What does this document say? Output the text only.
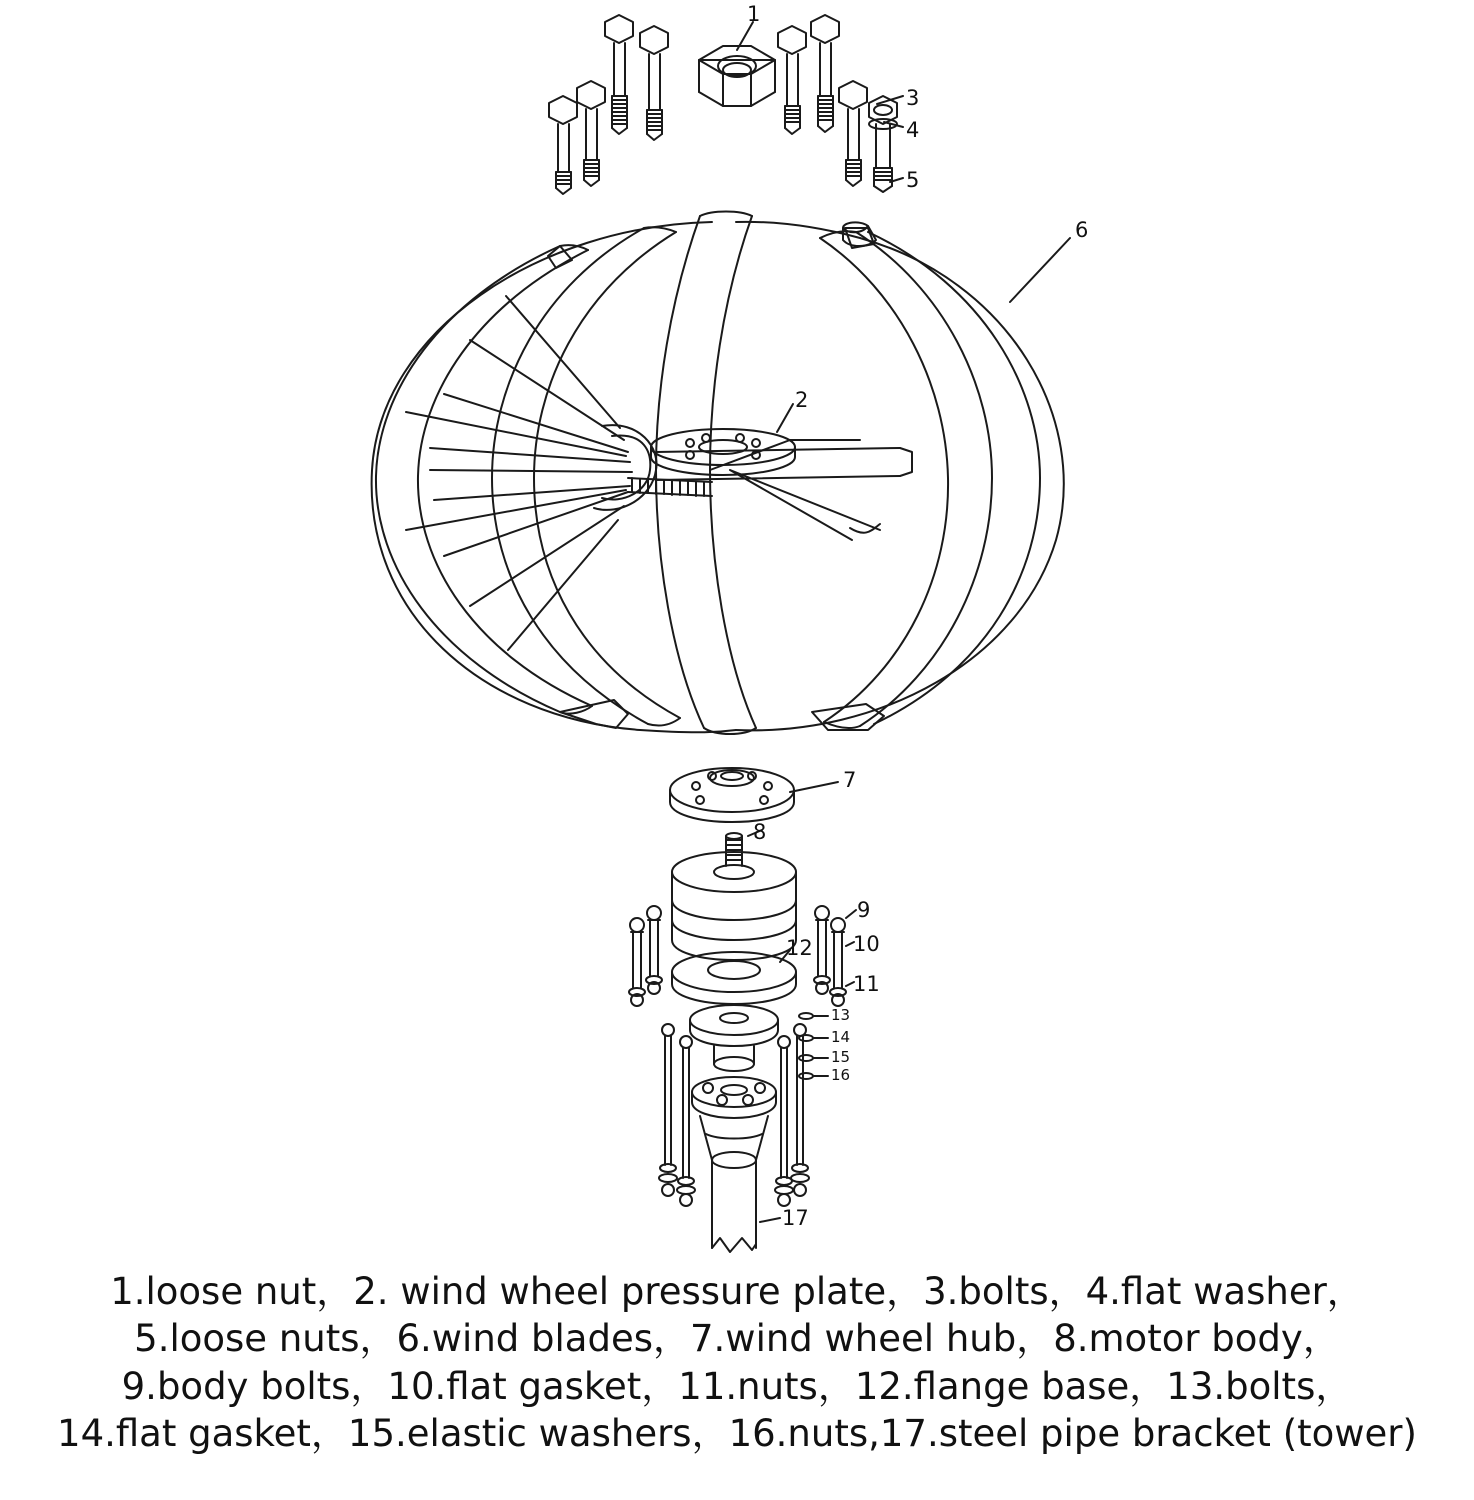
1
3
4
5
6
2
7
8
9
10
11
12
13
14
15
16
17
1.loose nut，2. wind wheel pressure plate，3.bolts，4.flat washer，
5.loose nuts，6.wind blades，7.wind wheel hub，8.motor body，
9.body bolts，10.flat gasket，11.nuts，12.flange base，13.bolts，
14.flat gasket，15.elastic washers，16.nuts,17.steel pipe bracket (tower)
